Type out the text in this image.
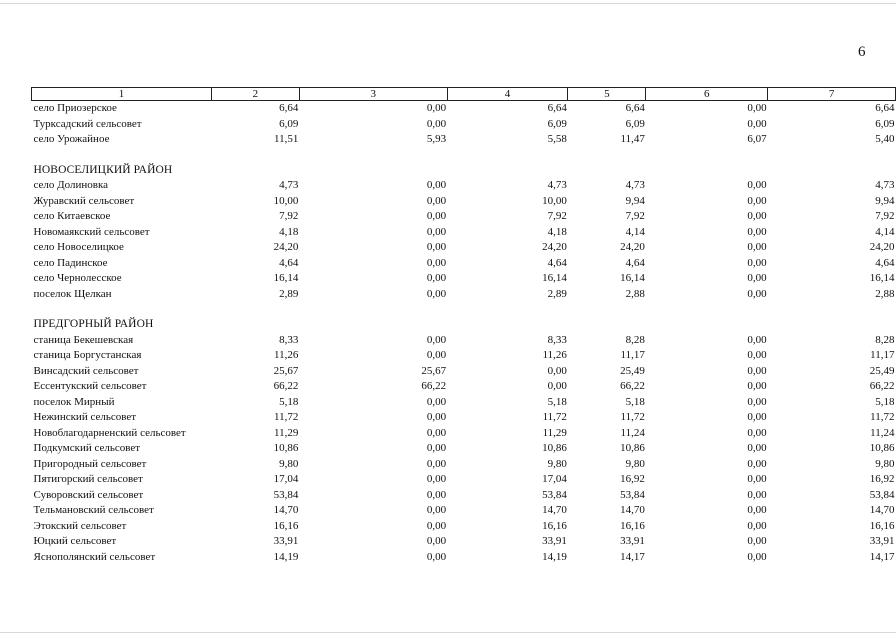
6
1	2	3	4	5	6	7
село Приозерское	6,64	0,00	6,64	6,64	0,00	6,64
Турксадский сельсовет	6,09	0,00	6,09	6,09	0,00	6,09
село Урожайное	11,51	5,93	5,58	11,47	6,07	5,40

НОВОСЕЛИЦКИЙ РАЙОН						
село Долиновка	4,73	0,00	4,73	4,73	0,00	4,73
Журавский сельсовет	10,00	0,00	10,00	9,94	0,00	9,94
село Китаевское	7,92	0,00	7,92	7,92	0,00	7,92
Новомаякский сельсовет	4,18	0,00	4,18	4,14	0,00	4,14
село Новоселицкое	24,20	0,00	24,20	24,20	0,00	24,20
село Падинское	4,64	0,00	4,64	4,64	0,00	4,64
село Чернолесское	16,14	0,00	16,14	16,14	0,00	16,14
поселок Щелкан	2,89	0,00	2,89	2,88	0,00	2,88

ПРЕДГОРНЫЙ РАЙОН						
станица Бекешевская	8,33	0,00	8,33	8,28	0,00	8,28
станица Боргустанская	11,26	0,00	11,26	11,17	0,00	11,17
Винсадский сельсовет	25,67	25,67	0,00	25,49	0,00	25,49
Ессентукский сельсовет	66,22	66,22	0,00	66,22	0,00	66,22
поселок Мирный	5,18	0,00	5,18	5,18	0,00	5,18
Нежинский сельсовет	11,72	0,00	11,72	11,72	0,00	11,72
Новоблагодарненский сельсовет	11,29	0,00	11,29	11,24	0,00	11,24
Подкумский сельсовет	10,86	0,00	10,86	10,86	0,00	10,86
Пригородный сельсовет	9,80	0,00	9,80	9,80	0,00	9,80
Пятигорский сельсовет	17,04	0,00	17,04	16,92	0,00	16,92
Суворовский сельсовет	53,84	0,00	53,84	53,84	0,00	53,84
Тельмановский сельсовет	14,70	0,00	14,70	14,70	0,00	14,70
Этокский сельсовет	16,16	0,00	16,16	16,16	0,00	16,16
Юцкий сельсовет	33,91	0,00	33,91	33,91	0,00	33,91
Яснополянский сельсовет	14,19	0,00	14,19	14,17	0,00	14,17
